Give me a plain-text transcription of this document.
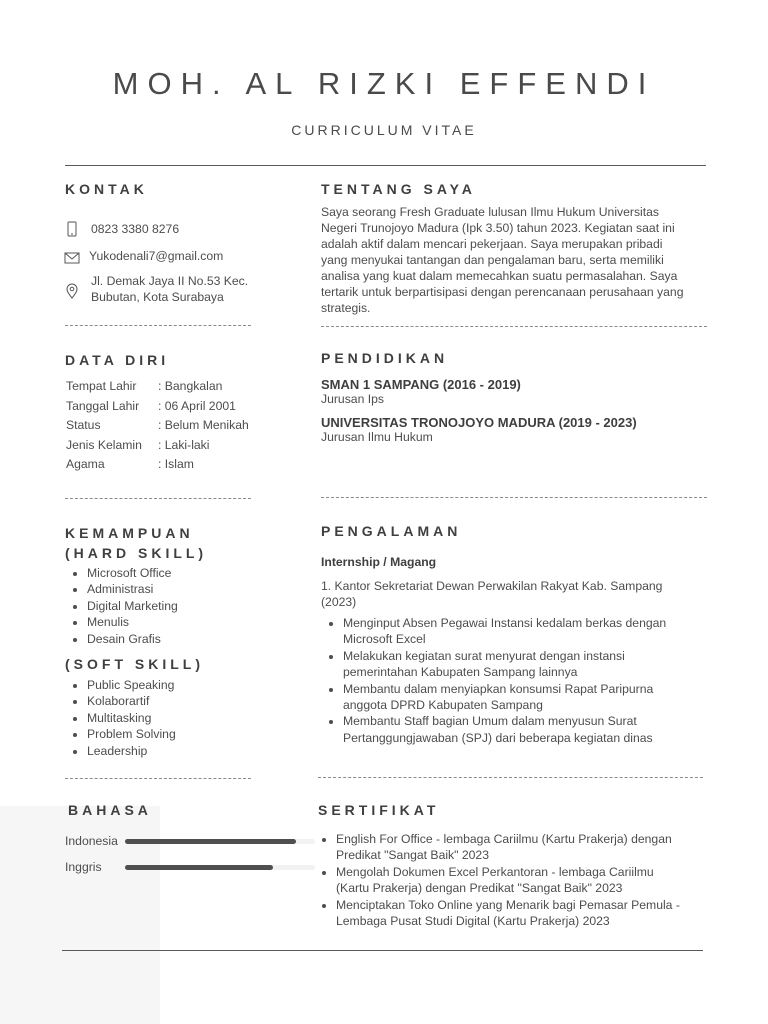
MOH. AL RIZKI EFFENDI
CURRICULUM VITAE
KONTAK
0823 3380 8276
Yukodenali7@gmail.com
Jl. Demak Jaya II No.53 Kec.
Bubutan, Kota Surabaya
TENTANG SAYA
Saya seorang Fresh Graduate lulusan Ilmu Hukum Universitas
Negeri Trunojoyo Madura (Ipk 3.50) tahun 2023. Kegiatan saat ini
adalah aktif dalam mencari pekerjaan. Saya merupakan pribadi
yang menyukai tantangan dan pengalaman baru, serta memiliki
analisa yang kuat dalam memecahkan suatu permasalahan. Saya
tertarik untuk berpartisipasi dengan perencanaan perusahaan yang
strategis.
DATA DIRI
Tempat Lahir	: Bangkalan
Tanggal Lahir	: 06 April 2001
Status	: Belum Menikah
Jenis Kelamin	: Laki-laki
Agama	: Islam
PENDIDIKAN
SMAN 1 SAMPANG (2016 - 2019)
Jurusan Ips
UNIVERSITAS TRONOJOYO MADURA (2019 - 2023)
Jurusan Ilmu Hukum
KEMAMPUAN
(HARD SKILL)
• Microsoft Office
• Administrasi
• Digital Marketing
• Menulis
• Desain Grafis
(SOFT SKILL)
• Public Speaking
• Kolaborartif
• Multitasking
• Problem Solving
• Leadership
PENGALAMAN
Internship / Magang
1. Kantor Sekretariat Dewan Perwakilan Rakyat Kab. Sampang
(2023)
• Menginput Absen Pegawai Instansi kedalam berkas dengan
Microsoft Excel
• Melakukan kegiatan surat menyurat dengan instansi
pemerintahan Kabupaten Sampang lainnya
• Membantu dalam menyiapkan konsumsi Rapat Paripurna
anggota DPRD Kabupaten Sampang
• Membantu Staff bagian Umum dalam menyusun Surat
Pertanggungjawaban (SPJ) dari beberapa kegiatan dinas
BAHASA
Indonesia
Inggris
SERTIFIKAT
• English For Office - lembaga Cariilmu (Kartu Prakerja) dengan
Predikat "Sangat Baik" 2023
• Mengolah Dokumen Excel Perkantoran - lembaga Cariilmu
(Kartu Prakerja) dengan Predikat "Sangat Baik" 2023
• Menciptakan Toko Online yang Menarik bagi Pemasar Pemula -
Lembaga Pusat Studi Digital (Kartu Prakerja) 2023
